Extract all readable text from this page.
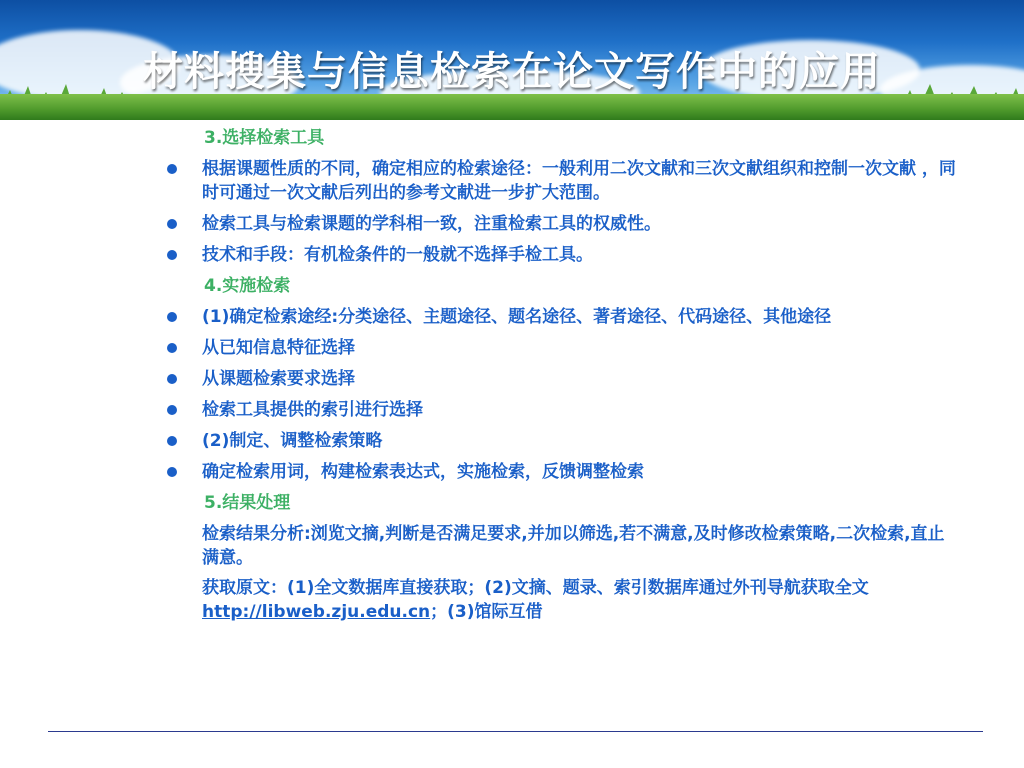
材料搜集与信息检索在论文写作中的应用
3.选择检索工具
根据课题性质的不同，确定相应的检索途径：一般利用二次文献和三次文献组织和控制一次文献 ，同时可通过一次文献后列出的参考文献进一步扩大范围。
检索工具与检索课题的学科相一致，注重检索工具的权威性。
技术和手段：有机检条件的一般就不选择手检工具。
4.实施检索
(1)确定检索途经:分类途径、主题途径、题名途径、著者途径、代码途径、其他途径
从已知信息特征选择
从课题检索要求选择
检索工具提供的索引进行选择
(2)制定、调整检索策略
确定检索用词，构建检索表达式，实施检索，反馈调整检索
5.结果处理
检索结果分析:浏览文摘,判断是否满足要求,并加以筛选,若不满意,及时修改检索策略,二次检索,直止满意。
获取原文：(1)全文数据库直接获取；(2)文摘、题录、索引数据库通过外刊导航获取全文http://libweb.zju.edu.cn；(3)馆际互借
